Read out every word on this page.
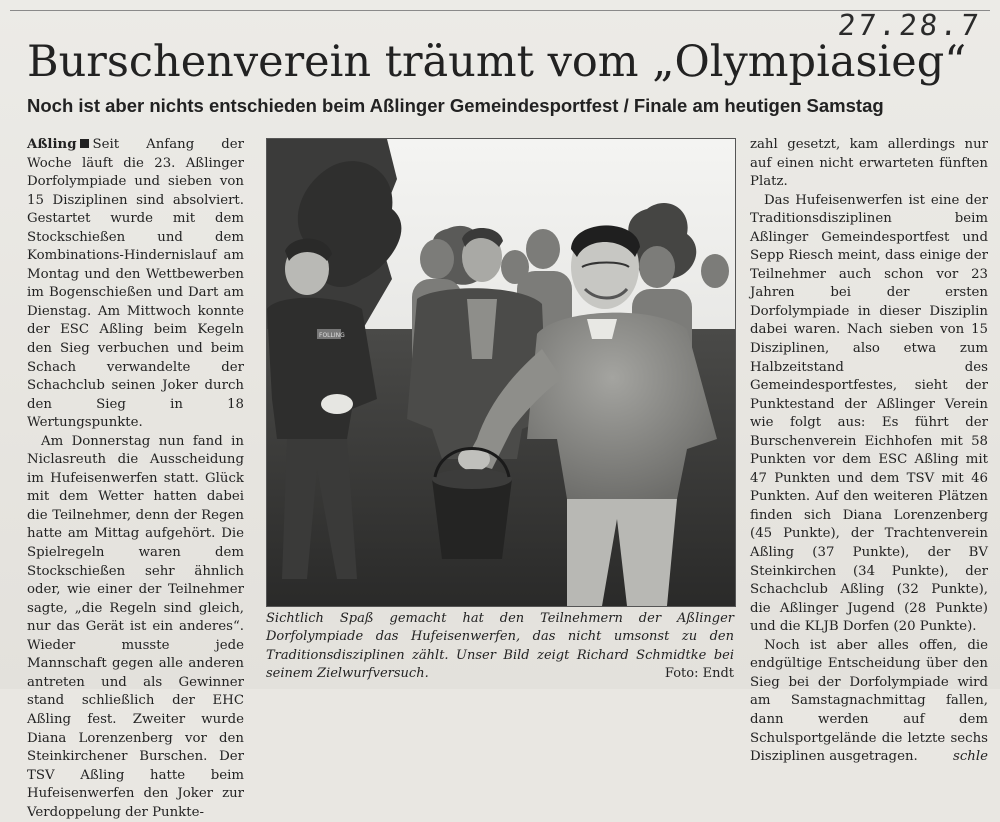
27.28.7
Burschenverein träumt vom „Olympiasieg“
Noch ist aber nichts entschieden beim Aßlinger Gemeindesportfest / Finale am heutigen Samstag

Aßling Seit Anfang der Woche läuft die 23. Aßlinger Dorfolympiade und sieben von 15 Disziplinen sind absolviert. Gestartet wurde mit dem Stockschießen und dem Kombinations-Hindernislauf am Montag und den Wettbewerben im Bogenschießen und Dart am Dienstag. Am Mittwoch konnte der ESC Aßling beim Kegeln den Sieg verbuchen und beim Schach verwandelte der Schachclub seinen Joker durch den Sieg in 18 Wertungspunkte.

Am Donnerstag nun fand in Niclasreuth die Ausscheidung im Hufeisenwerfen statt. Glück mit dem Wetter hatten dabei die Teilnehmer, denn der Regen hatte am Mittag aufgehört. Die Spielregeln waren dem Stockschießen sehr ähnlich oder, wie einer der Teilnehmer sagte, „die Regeln sind gleich, nur das Gerät ist ein anderes“. Wieder musste jede Mannschaft gegen alle anderen antreten und als Gewinner stand schließlich der EHC Aßling fest. Zweiter wurde Diana Lorenzenberg vor den Steinkirchener Burschen. Der TSV Aßling hatte beim Hufeisenwerfen den Joker zur Verdoppelung der Punkte-

FOLLING

Sichtlich Spaß gemacht hat den Teilnehmern der Aßlinger Dorfolympiade das Hufeisenwerfen, das nicht umsonst zu den Traditionsdisziplinen zählt. Unser Bild zeigt Richard Schmidtke bei seinem Zielwurfversuch.	Foto: Endt

zahl gesetzt, kam allerdings nur auf einen nicht erwarteten fünften Platz.

Das Hufeisenwerfen ist eine der Traditionsdisziplinen beim Aßlinger Gemeindesportfest und Sepp Riesch meint, dass einige der Teilnehmer auch schon vor 23 Jahren bei der ersten Dorfolympiade in dieser Disziplin dabei waren. Nach sieben von 15 Disziplinen, also etwa zum Halbzeitstand des Gemeindesportfestes, sieht der Punktestand der Aßlinger Verein wie folgt aus: Es führt der Burschenverein Eichhofen mit 58 Punkten vor dem ESC Aßling mit 47 Punkten und dem TSV mit 46 Punkten. Auf den weiteren Plätzen finden sich Diana Lorenzenberg (45 Punkte), der Trachtenverein Aßling (37 Punkte), der BV Steinkirchen (34 Punkte), der Schachclub Aßling (32 Punkte), die Aßlinger Jugend (28 Punkte) und die KLJB Dorfen (20 Punkte).

Noch ist aber alles offen, die endgültige Entscheidung über den Sieg bei der Dorfolympiade wird am Samstagnachmittag fallen, dann werden auf dem Schulsportgelände die letzte sechs Disziplinen ausgetragen.	schle
